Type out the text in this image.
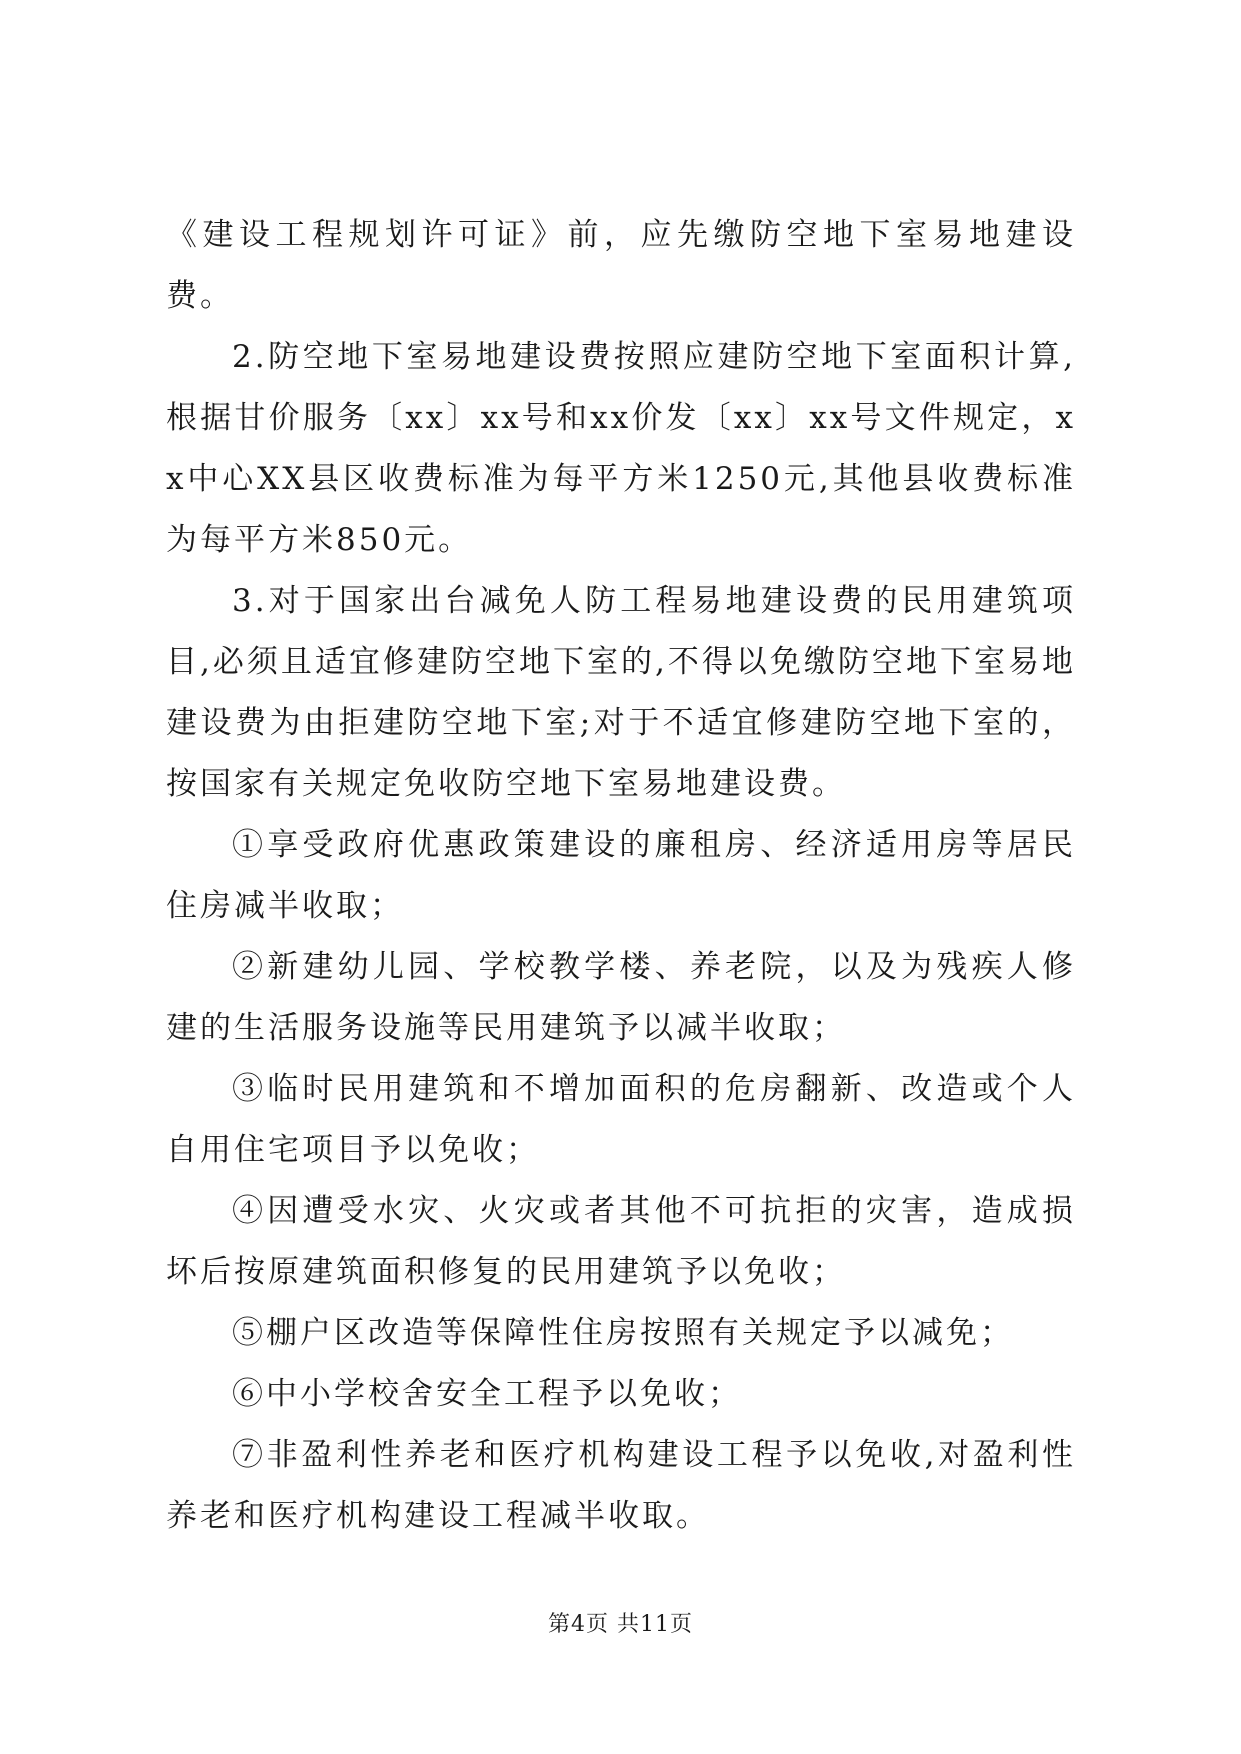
《建设工程规划许可证》前，应先缴防空地下室易地建设费。

2.防空地下室易地建设费按照应建防空地下室面积计算,根据甘价服务〔xx〕xx号和xx价发〔xx〕xx号文件规定，xx中心XX县区收费标准为每平方米1250元,其他县收费标准为每平方米850元。

3.对于国家出台减免人防工程易地建设费的民用建筑项目,必须且适宜修建防空地下室的,不得以免缴防空地下室易地建设费为由拒建防空地下室;对于不适宜修建防空地下室的，按国家有关规定免收防空地下室易地建设费。

①享受政府优惠政策建设的廉租房、经济适用房等居民住房减半收取；

②新建幼儿园、学校教学楼、养老院，以及为残疾人修建的生活服务设施等民用建筑予以减半收取；

③临时民用建筑和不增加面积的危房翻新、改造或个人自用住宅项目予以免收；

④因遭受水灾、火灾或者其他不可抗拒的灾害，造成损坏后按原建筑面积修复的民用建筑予以免收；

⑤棚户区改造等保障性住房按照有关规定予以减免；

⑥中小学校舍安全工程予以免收；

⑦非盈利性养老和医疗机构建设工程予以免收,对盈利性养老和医疗机构建设工程减半收取。

第4页 共11页
